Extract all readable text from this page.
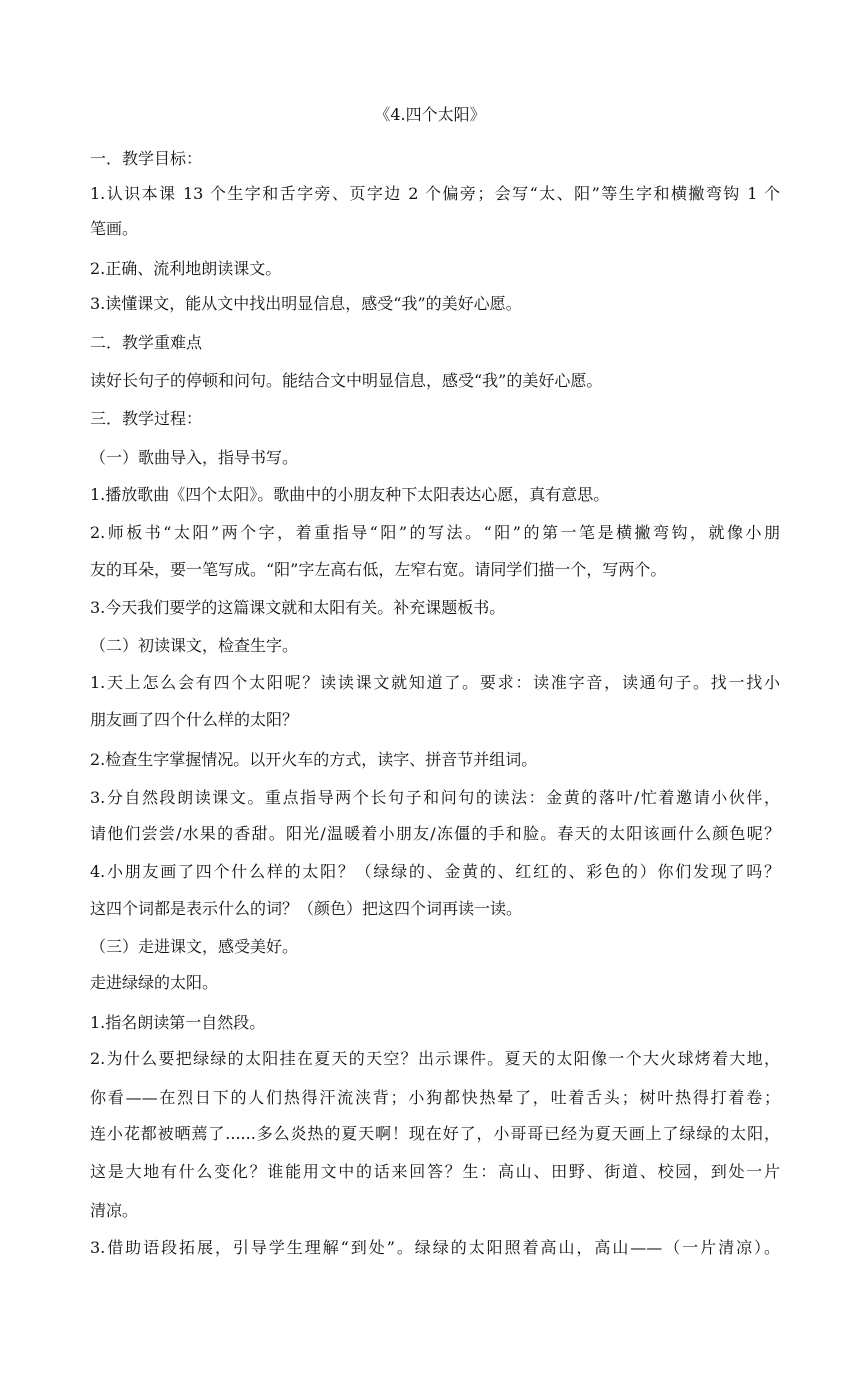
《4.四个太阳》
一．教学目标：
1.认识本课 13 个生字和舌字旁、页字边 2 个偏旁；会写“太、阳”等生字和横撇弯钩 1 个
笔画。
2.正确、流利地朗读课文。
3.读懂课文，能从文中找出明显信息，感受“我”的美好心愿。
二．教学重难点
读好长句子的停顿和问句。能结合文中明显信息，感受“我”的美好心愿。
三．教学过程：
（一）歌曲导入，指导书写。
1.播放歌曲《四个太阳》。歌曲中的小朋友种下太阳表达心愿，真有意思。
2.师板书“太阳”两个字，着重指导“阳”的写法。“阳”的第一笔是横撇弯钩，就像小朋
友的耳朵，要一笔写成。“阳”字左高右低，左窄右宽。请同学们描一个，写两个。
3.今天我们要学的这篇课文就和太阳有关。补充课题板书。
（二）初读课文，检查生字。
1.天上怎么会有四个太阳呢？读读课文就知道了。要求：读准字音，读通句子。找一找小
朋友画了四个什么样的太阳？
2.检查生字掌握情况。以开火车的方式，读字、拼音节并组词。
3.分自然段朗读课文。重点指导两个长句子和问句的读法：金黄的落叶/忙着邀请小伙伴，
请他们尝尝/水果的香甜。阳光/温暖着小朋友/冻僵的手和脸。春天的太阳该画什么颜色呢？
4.小朋友画了四个什么样的太阳？（绿绿的、金黄的、红红的、彩色的）你们发现了吗？
这四个词都是表示什么的词？（颜色）把这四个词再读一读。
（三）走进课文，感受美好。
走进绿绿的太阳。
1.指名朗读第一自然段。
2.为什么要把绿绿的太阳挂在夏天的天空？出示课件。夏天的太阳像一个大火球烤着大地，
你看——在烈日下的人们热得汗流浃背；小狗都快热晕了，吐着舌头；树叶热得打着卷；
连小花都被晒蔫了......多么炎热的夏天啊！现在好了，小哥哥已经为夏天画上了绿绿的太阳，
这是大地有什么变化？谁能用文中的话来回答？生：高山、田野、街道、校园，到处一片
清凉。
3.借助语段拓展，引导学生理解“到处”。绿绿的太阳照着高山，高山——（一片清凉）。
